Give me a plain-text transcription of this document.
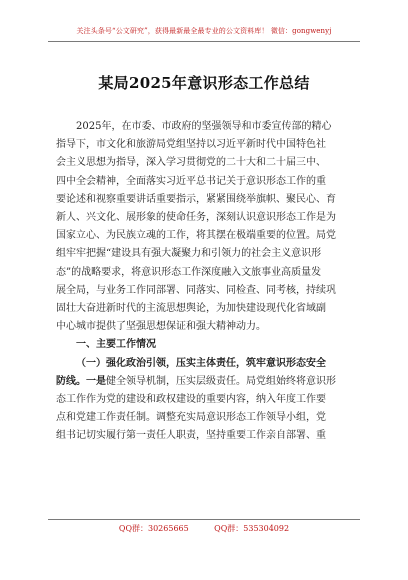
关注头条号“公文研究”，获得最新最全最专业的公文资料库！ 微信：gongwenyj
某局2025年意识形态工作总结

2025年，在市委、市政府的坚强领导和市委宣传部的精心
指导下，市文化和旅游局党组坚持以习近平新时代中国特色社
会主义思想为指导，深入学习贯彻党的二十大和二十届三中、
四中全会精神，全面落实习近平总书记关于意识形态工作的重
要论述和视察重要讲话重要指示，紧紧围绕举旗帜、聚民心、育
新人、兴文化、展形象的使命任务，深刻认识意识形态工作是为
国家立心、为民族立魂的工作，将其摆在极端重要的位置。局党
组牢牢把握“建设具有强大凝聚力和引领力的社会主义意识形
态”的战略要求，将意识形态工作深度融入文旅事业高质量发
展全局，与业务工作同部署、同落实、同检查、同考核，持续巩
固壮大奋进新时代的主流思想舆论，为加快建设现代化省域副
中心城市提供了坚强思想保证和强大精神动力。

一、主要工作情况

（一）强化政治引领，压实主体责任，筑牢意识形态安全
防线。一是健全领导机制，压实层级责任。局党组始终将意识形
态工作作为党的建设和政权建设的重要内容，纳入年度工作要
点和党建工作责任制。调整充实局意识形态工作领导小组，党
组书记切实履行第一责任人职责，坚持重要工作亲自部署、重

QQ群：30265665          QQ群：535304092
